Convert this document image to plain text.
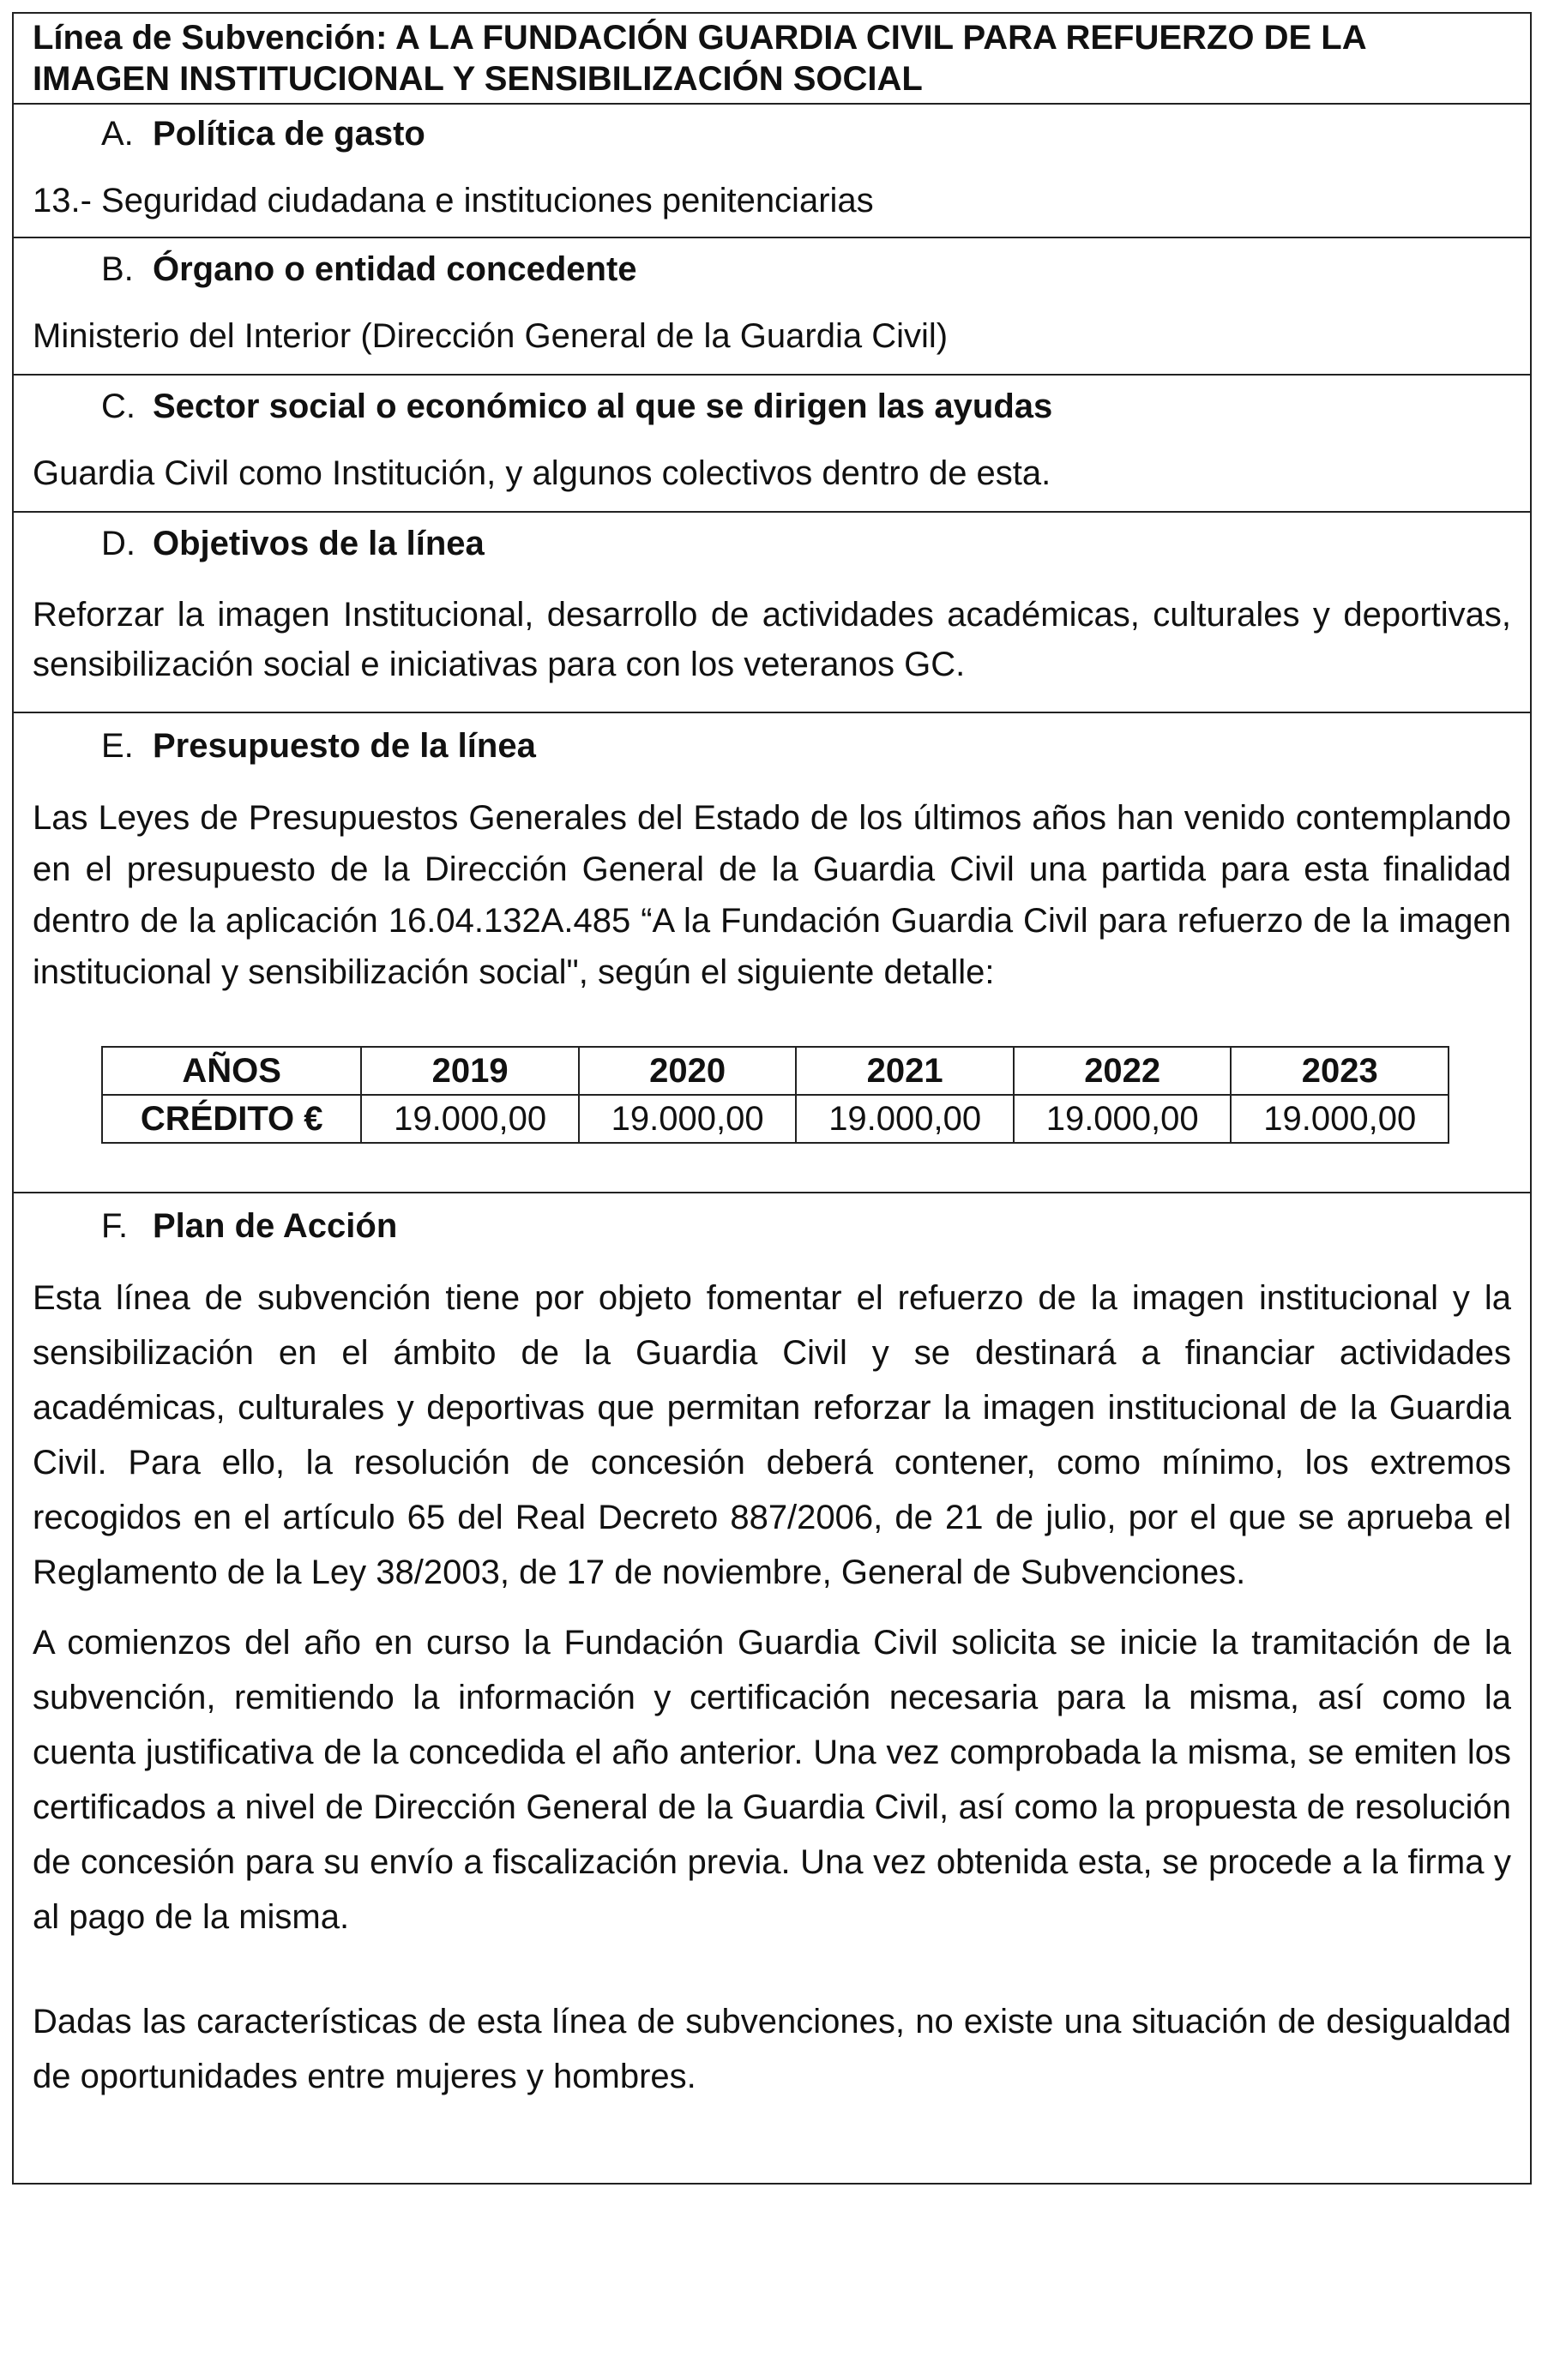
Línea de Subvención: A LA FUNDACIÓN GUARDIA CIVIL PARA REFUERZO DE LA IMAGEN INSTITUCIONAL Y SENSIBILIZACIÓN SOCIAL
A. Política de gasto

13.- Seguridad ciudadana e instituciones penitenciarias

B. Órgano o entidad concedente

Ministerio del Interior (Dirección General de la Guardia Civil)

C. Sector social o económico al que se dirigen las ayudas

Guardia Civil como Institución, y algunos colectivos dentro de esta.

D. Objetivos de la línea

Reforzar la imagen Institucional, desarrollo de actividades académicas, culturales y deportivas, sensibilización social e iniciativas para con los veteranos GC.

E. Presupuesto de la línea

Las Leyes de Presupuestos Generales del Estado de los últimos años han venido contemplando en el presupuesto de la Dirección General de la Guardia Civil una partida para esta finalidad dentro de la aplicación 16.04.132A.485 “A la Fundación Guardia Civil para refuerzo de la imagen institucional y sensibilización social", según el siguiente detalle:

AÑOS	2019	2020	2021	2022	2023
CRÉDITO €	19.000,00	19.000,00	19.000,00	19.000,00	19.000,00
F. Plan de Acción

Esta línea de subvención tiene por objeto fomentar el refuerzo de la imagen institucional y la sensibilización en el ámbito de la Guardia Civil y se destinará a financiar actividades académicas, culturales y deportivas que permitan reforzar la imagen institucional de la Guardia Civil. Para ello, la resolución de concesión deberá contener, como mínimo, los extremos recogidos en el artículo 65 del Real Decreto 887/2006, de 21 de julio, por el que se aprueba el Reglamento de la Ley 38/2003, de 17 de noviembre, General de Subvenciones.

A comienzos del año en curso la Fundación Guardia Civil solicita se inicie la tramitación de la subvención, remitiendo la información y certificación necesaria para la misma, así como la cuenta justificativa de la concedida el año anterior. Una vez comprobada la misma, se emiten los certificados a nivel de Dirección General de la Guardia Civil, así como la propuesta de resolución de concesión para su envío a fiscalización previa. Una vez obtenida esta, se procede a la firma y al pago de la misma.

Dadas las características de esta línea de subvenciones, no existe una situación de desigualdad de oportunidades entre mujeres y hombres.
